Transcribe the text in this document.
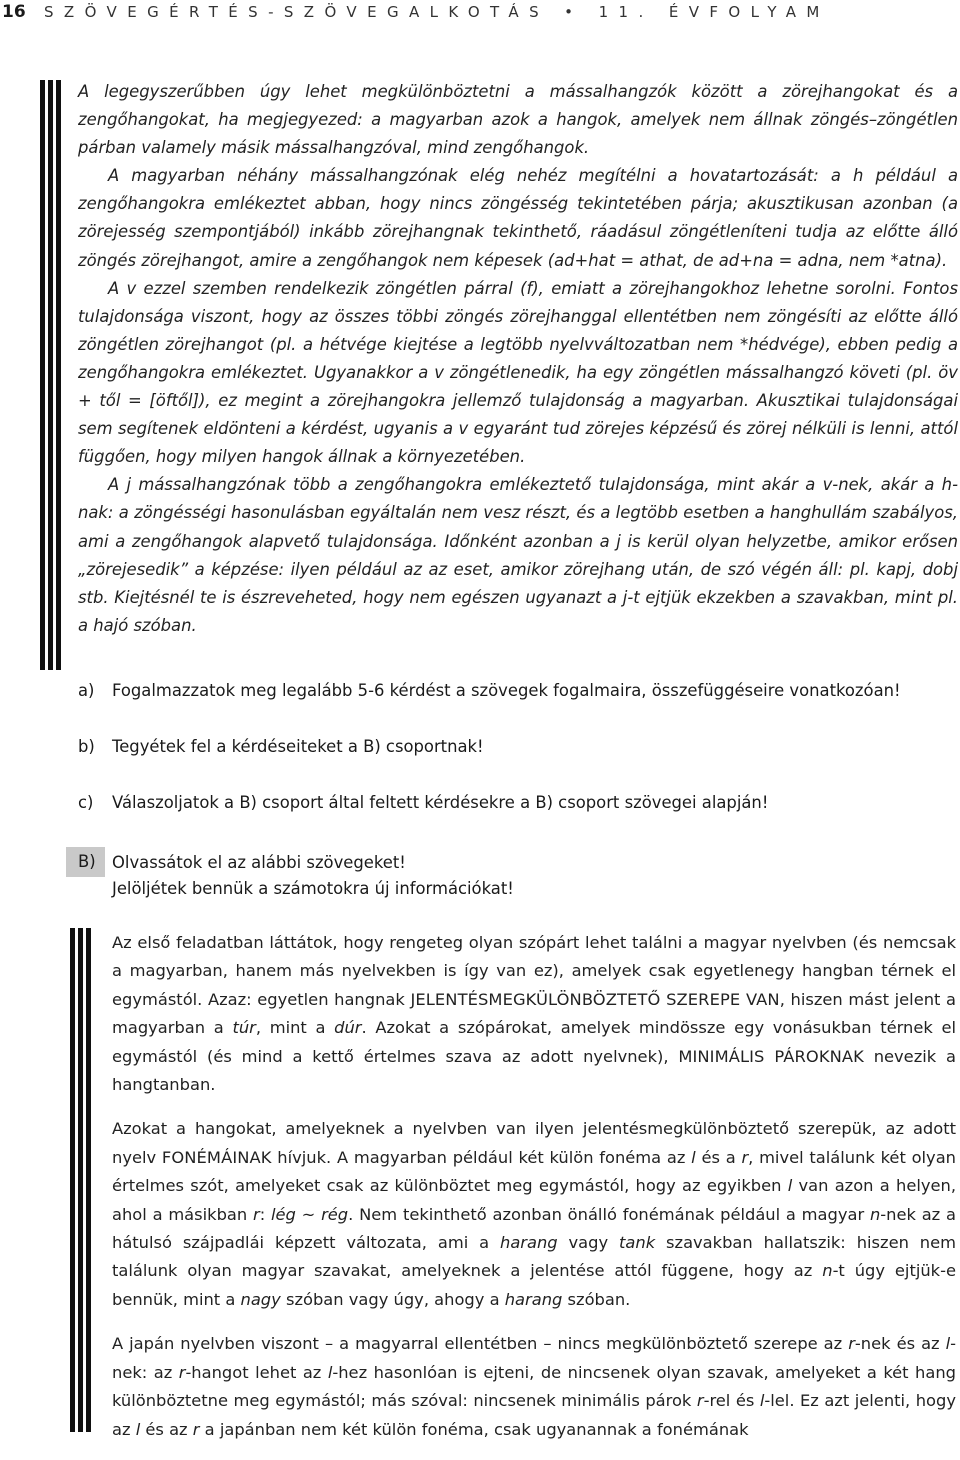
16 SZÖVEGÉRTÉS-SZÖVEGALKOTÁS • 11. ÉVFOLYAM

A legegyszerűbben úgy lehet megkülönböztetni a mássalhangzók között a zörejhangokat és a zengőhangokat, ha megjegyezed: a magyarban azok a hangok, amelyek nem állnak zöngés–zöngétlen párban valamely másik mássalhangzóval, mind zengőhangok.

A magyarban néhány mássalhangzónak elég nehéz megítélni a hovatartozását: a h például a zengőhangokra emlékeztet abban, hogy nincs zöngésség tekintetében párja; akusztikusan azonban (a zörejesség szempontjából) inkább zörejhangnak tekinthető, ráadásul zöngétleníteni tudja az előtte álló zöngés zörejhangot, amire a zengőhangok nem képesek (ad+hat = athat, de ad+na = adna, nem *atna).

A v ezzel szemben rendelkezik zöngétlen párral (f), emiatt a zörejhangokhoz lehetne sorolni. Fontos tulajdonsága viszont, hogy az összes többi zöngés zörejhanggal ellentétben nem zöngésíti az előtte álló zöngétlen zörejhangot (pl. a hétvége kiejtése a legtöbb nyelvváltozatban nem *hédvége), ebben pedig a zengőhangokra emlékeztet. Ugyanakkor a v zöngétlenedik, ha egy zöngétlen mássalhangzó követi (pl. öv + től = [öftől]), ez megint a zörejhangokra jellemző tulajdonság a magyarban. Akusztikai tulajdonságai sem segítenek eldönteni a kérdést, ugyanis a v egyaránt tud zörejes képzésű és zörej nélküli is lenni, attól függően, hogy milyen hangok állnak a környezetében.

A j mássalhangzónak több a zengőhangokra emlékeztető tulajdonsága, mint akár a v-nek, akár a h-nak: a zöngésségi hasonulásban egyáltalán nem vesz részt, és a legtöbb esetben a hanghullám szabályos, ami a zengőhangok alapvető tulajdonsága. Időnként azonban a j is kerül olyan helyzetbe, amikor erősen „zörejesedik” a képzése: ilyen például az az eset, amikor zörejhang után, de szó végén áll: pl. kapj, dobj stb. Kiejtésnél te is észreveheted, hogy nem egészen ugyanazt a j-t ejtjük ekzekben a szavakban, mint pl. a hajó szóban.

a)	Fogalmazzatok meg legalább 5-6 kérdést a szövegek fogalmaira, összefüggéseire vonatkozóan!
b)	Tegyétek fel a kérdéseiteket a B) csoportnak!
c)	Válaszoljatok a B) csoport által feltett kérdésekre a B) csoport szövegei alapján!
B) Olvassátok el az alábbi szövegeket!
Jelöljétek bennük a számotokra új információkat!

Az első feladatban láttátok, hogy rengeteg olyan szópárt lehet találni a magyar nyelvben (és nemcsak a magyarban, hanem más nyelvekben is így van ez), amelyek csak egyetlenegy hangban térnek el egymástól. Azaz: egyetlen hangnak JELENTÉSMEGKÜLÖNBÖZTETŐ SZEREPE VAN, hiszen mást jelent a magyarban a túr, mint a dúr. Azokat a szópárokat, amelyek mindössze egy vonásukban térnek el egymástól (és mind a kettő értelmes szava az adott nyelvnek), MINIMÁLIS PÁROKNAK nevezik a hangtanban.

Azokat a hangokat, amelyeknek a nyelvben van ilyen jelentésmegkülönböztető szerepük, az adott nyelv FONÉMÁINAK hívjuk. A magyarban például két külön fonéma az l és a r, mivel találunk két olyan értelmes szót, amelyeket csak az különböztet meg egymástól, hogy az egyikben l van azon a helyen, ahol a másikban r: lég ~ rég. Nem tekinthető azonban önálló fonémának például a magyar n-nek az a hátulsó szájpadlái képzett változata, ami a harang vagy tank szavakban hallatszik: hiszen nem találunk olyan magyar szavakat, amelyeknek a jelentése attól függene, hogy az n-t úgy ejtjük-e bennük, mint a nagy szóban vagy úgy, ahogy a harang szóban.

A japán nyelvben viszont – a magyarral ellentétben – nincs megkülönböztető szerepe az r-nek és az l-nek: az r-hangot lehet az l-hez hasonlóan is ejteni, de nincsenek olyan szavak, amelyeket a két hang különböztetne meg egymástól; más szóval: nincsenek minimális párok r-rel és l-lel. Ez azt jelenti, hogy az l és az r a japánban nem két külön fonéma, csak ugyanannak a fonémának
